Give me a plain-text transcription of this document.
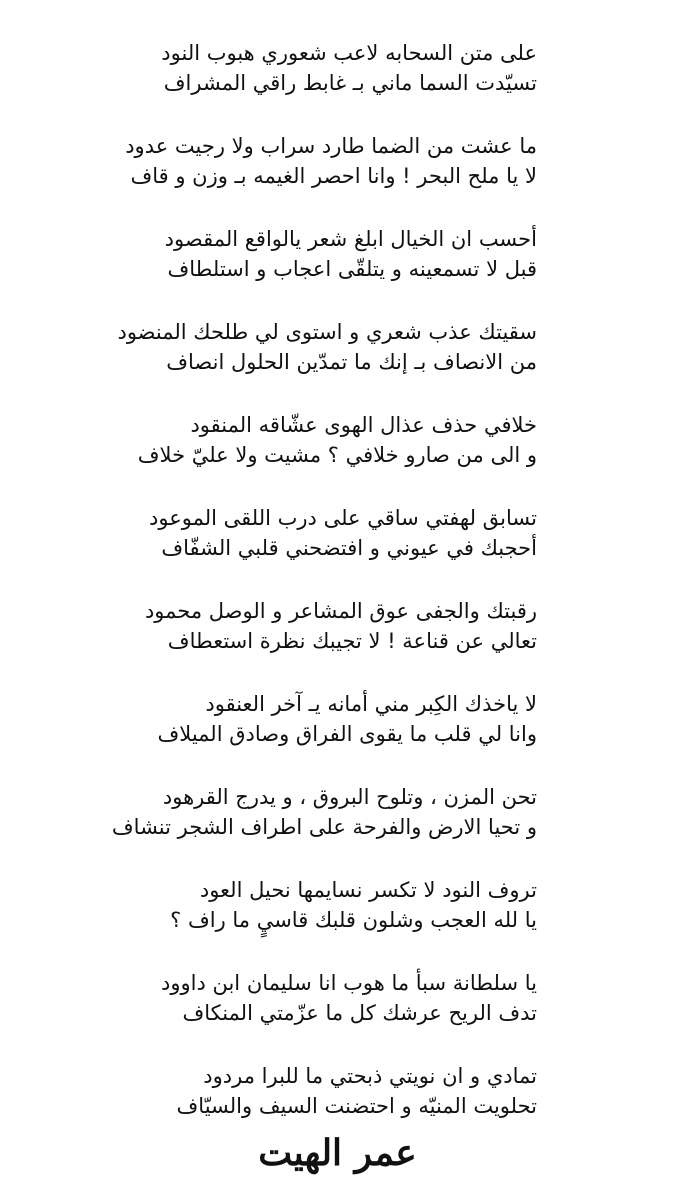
على متن السحابه لاعب شعوري هبوب النود
تسيّدت السما ماني بـ غابط راقي المشراف
ما عشت من الضما طارد سراب ولا رجيت عدود
لا يا ملح البحر ! وانا احصر الغيمه بـ وزن و قاف
أحسب ان الخيال ابلغ شعر يالواقع المقصود
قبل لا تسمعينه و يتلقّى اعجاب و استلطاف
سقيتك عذب شعري و استوى لي طلحك المنضود
من الانصاف بـ إنك ما تمدّين الحلول انصاف
خلافي حذف عذال الهوى عشّاقه المنقود
و الى من صارو خلافي ؟ مشيت ولا عليّ خلاف
تسابق لهفتي ساقي على درب اللقى الموعود
أحجبك في عيوني و افتضحني قلبي الشفّاف
رقبتك والجفى عوق المشاعر و الوصل محمود
تعالي عن قناعة ! لا تجيبك نظرة استعطاف
لا ياخذك الكِبر مني أمانه يـ آخر العنقود
وانا لي قلب ما يقوى الفراق وصادق الميلاف
تحن المزن ، وتلوح البروق ، و يدرج القرهود
و تحيا الارض والفرحة على اطراف الشجر تنشاف
تروف النود لا تكسر نسايمها نحيل العود
يا لله العجب وشلون قلبك قاسيٍ ما راف ؟
يا سلطانة سبأ ما هوب انا سليمان ابن داوود
تدف الريح عرشك كل ما عزّمتي المنكاف
تمادي و ان نويتي ذبحتي ما للبرا مردود
تحلويت المنيّه و احتضنت السيف والسيّاف
عمر الهيت
